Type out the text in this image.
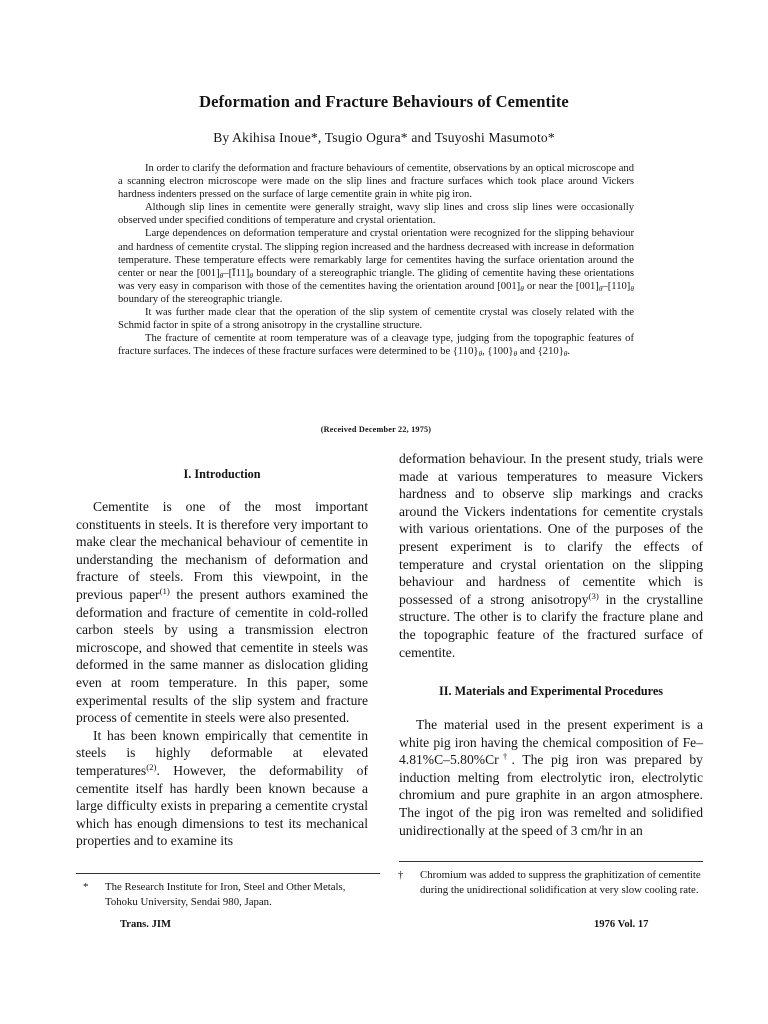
Deformation and Fracture Behaviours of Cementite
By Akihisa Inoue*, Tsugio Ogura* and Tsuyoshi Masumoto*

In order to clarify the deformation and fracture behaviours of cementite, observations by an optical microscope and a scanning electron microscope were made on the slip lines and fracture surfaces which took place around Vickers hardness indenters pressed on the surface of large cementite grain in white pig iron.

Although slip lines in cementite were generally straight, wavy slip lines and cross slip lines were occasionally observed under specified conditions of temperature and crystal orientation.

Large dependences on deformation temperature and crystal orientation were recognized for the slipping behaviour and hardness of cementite crystal. The slipping region increased and the hardness decreased with increase in deformation temperature. These temperature effects were remarkably large for cementites having the surface orientation around the center or near the $[001]_\theta-[Ī11]_\theta$ boundary of a stereographic triangle. The gliding of cementite having these orientations was very easy in comparison with those of the cementites having the orientation around $[001]_\theta$ or near the $[001]_\theta-[110]_\theta$ boundary of the stereographic triangle.

It was further made clear that the operation of the slip system of cementite crystal was closely related with the Schmid factor in spite of a strong anisotropy in the crystalline structure.

The fracture of cementite at room temperature was of a cleavage type, judging from the topographic features of fracture surfaces. The indeces of these fracture surfaces were determined to be $\{110\}_\theta$, $\{100\}_\theta$ and $\{210\}_\theta$.

(Received December 22, 1975)
I. Introduction

Cementite is one of the most important constituents in steels. It is therefore very important to make clear the mechanical behaviour of cementite in understanding the mechanism of deformation and fracture of steels. From this viewpoint, in the previous paper$^{(1)}$ the present authors examined the deformation and fracture of cementite in cold-rolled carbon steels by using a transmission electron microscope, and showed that cementite in steels was deformed in the same manner as dislocation gliding even at room temperature. In this paper, some experimental results of the slip system and fracture process of cementite in steels were also presented.

It has been known empirically that cementite in steels is highly deformable at elevated temperatures$^{(2)}$. However, the deformability of cementite itself has hardly been known because a large difficulty exists in preparing a cementite crystal which has enough dimensions to test its mechanical properties and to examine its

deformation behaviour. In the present study, trials were made at various temperatures to measure Vickers hardness and to observe slip markings and cracks around the Vickers indentations for cementite crystals with various orientations. One of the purposes of the present experiment is to clarify the effects of temperature and crystal orientation on the slipping behaviour and hardness of cementite which is possessed of a strong anisotropy$^{(3)}$ in the crystalline structure. The other is to clarify the fracture plane and the topographic feature of the fractured surface of cementite.

II. Materials and Experimental Procedures

The material used in the present experiment is a white pig iron having the chemical composition of Fe–4.81%C–5.80%Cr†. The pig iron was prepared by induction melting from electrolytic iron, electrolytic chromium and pure graphite in an argon atmosphere. The ingot of the pig iron was remelted and solidified unidirectionally at the speed of 3 cm/hr in an

* The Research Institute for Iron, Steel and Other Metals, Tohoku University, Sendai 980, Japan.
† Chromium was added to suppress the graphitization of cementite during the unidirectional solidification at very slow cooling rate.
Trans. JIM	1976 Vol. 17
